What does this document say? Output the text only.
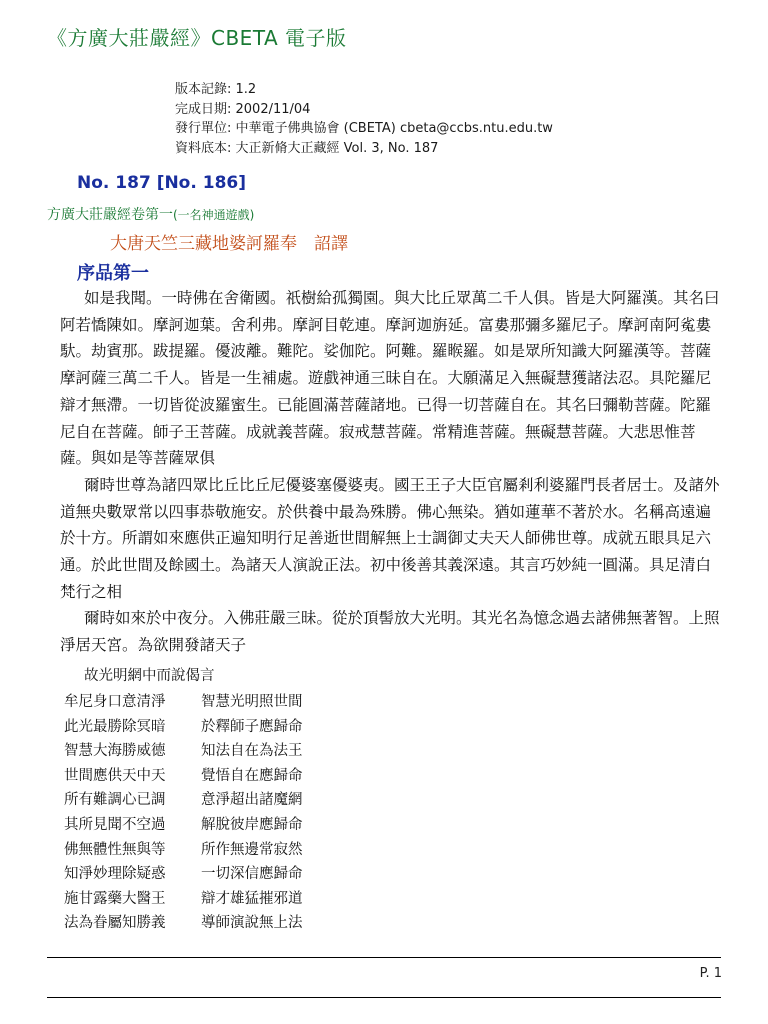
《方廣大莊嚴經》CBETA 電子版
版本記錄: 1.2
完成日期: 2002/11/04
發行單位: 中華電子佛典協會 (CBETA) cbeta@ccbs.ntu.edu.tw
資料底本: 大正新脩大正藏經 Vol. 3, No. 187
No. 187 [No. 186]
方廣大莊嚴經卷第一(一名神通遊戲)
大唐天竺三藏地婆訶羅奉　詔譯
序品第一

如是我聞。一時佛在舍衛國。祇樹給孤獨園。與大比丘眾萬二千人俱。皆是大阿羅漢。其名曰阿若憍陳如。摩訶迦葉。舍利弗。摩訶目乾連。摩訶迦旃延。富婁那彌多羅尼子。摩訶南阿㝹婁馱。劫賓那。跋提羅。優波離。難陀。娑伽陀。阿難。羅睺羅。如是眾所知識大阿羅漢等。菩薩摩訶薩三萬二千人。皆是一生補處。遊戲神通三昧自在。大願滿足入無礙慧獲諸法忍。具陀羅尼辯才無滯。一切皆從波羅蜜生。已能圓滿菩薩諸地。已得一切菩薩自在。其名曰彌勒菩薩。陀羅尼自在菩薩。師子王菩薩。成就義菩薩。寂戒慧菩薩。常精進菩薩。無礙慧菩薩。大悲思惟菩薩。與如是等菩薩眾俱

爾時世尊為諸四眾比丘比丘尼優婆塞優婆夷。國王王子大臣官屬剎利婆羅門長者居士。及諸外道無央數眾常以四事恭敬施安。於供養中最為殊勝。佛心無染。猶如蓮華不著於水。名稱高遠遍於十方。所謂如來應供正遍知明行足善逝世間解無上士調御丈夫天人師佛世尊。成就五眼具足六通。於此世間及餘國土。為諸天人演說正法。初中後善其義深遠。其言巧妙純一圓滿。具足清白梵行之相

爾時如來於中夜分。入佛莊嚴三昧。從於頂髻放大光明。其光名為憶念過去諸佛無著智。上照淨居天宮。為欲開發諸天子

故光明網中而說偈言
牟尼身口意清淨	智慧光明照世間
此光最勝除冥暗	於釋師子應歸命
智慧大海勝威德	知法自在為法王
世間應供天中天	覺悟自在應歸命
所有難調心已調	意淨超出諸魔網
其所見聞不空過	解脫彼岸應歸命
佛無體性無與等	所作無邊常寂然
知淨妙理除疑惑	一切深信應歸命
施甘露藥大醫王	辯才雄猛摧邪道
法為眷屬知勝義	導師演說無上法
P. 1
